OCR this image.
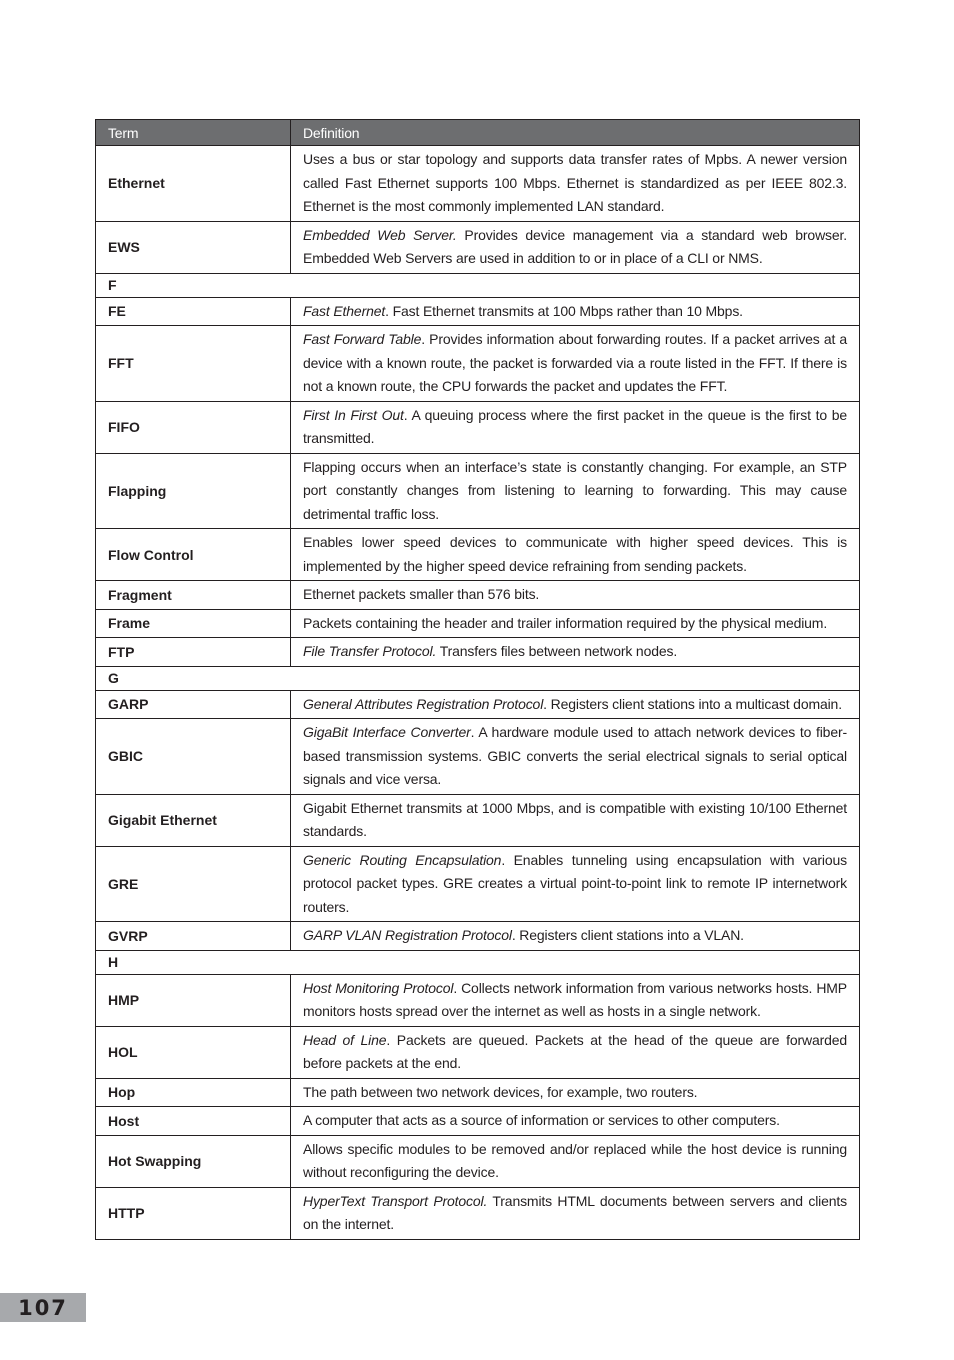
Term	Definition
Ethernet	Uses a bus or star topology and supports data transfer rates of Mpbs. A newer version called Fast Ethernet supports 100 Mbps. Ethernet is standardized as per IEEE 802.3. Ethernet is the most commonly implemented LAN standard.
EWS	Embedded Web Server. Provides device management via a standard web browser. Embedded Web Servers are used in addition to or in place of a CLI or NMS.
F	
FE	Fast Ethernet. Fast Ethernet transmits at 100 Mbps rather than 10 Mbps.
FFT	Fast Forward Table. Provides information about forwarding routes. If a packet arrives at a device with a known route, the packet is forwarded via a route listed in the FFT. If there is not a known route, the CPU forwards the packet and updates the FFT.
FIFO	First In First Out. A queuing process where the first packet in the queue is the first to be transmitted.
Flapping	Flapping occurs when an interface’s state is constantly changing. For example, an STP port constantly changes from listening to learning to forwarding. This may cause detrimental traffic loss.
Flow Control	Enables lower speed devices to communicate with higher speed devices. This is implemented by the higher speed device refraining from sending packets.
Fragment	Ethernet packets smaller than 576 bits.
Frame	Packets containing the header and trailer information required by the physical medium.
FTP	File Transfer Protocol. Transfers files between network nodes.
G	
GARP	General Attributes Registration Protocol. Registers client stations into a multicast domain.
GBIC	GigaBit Interface Converter. A hardware module used to attach network devices to fiber-based transmission systems. GBIC converts the serial electrical signals to serial optical signals and vice versa.
Gigabit Ethernet	Gigabit Ethernet transmits at 1000 Mbps, and is compatible with existing 10/100 Ethernet standards.
GRE	Generic Routing Encapsulation. Enables tunneling using encapsulation with various protocol packet types. GRE creates a virtual point-to-point link to remote IP internetwork routers.
GVRP	GARP VLAN Registration Protocol. Registers client stations into a VLAN.
H	
HMP	Host Monitoring Protocol. Collects network information from various networks hosts. HMP monitors hosts spread over the internet as well as hosts in a single network.
HOL	Head of Line. Packets are queued. Packets at the head of the queue are forwarded before packets at the end.
Hop	The path between two network devices, for example, two routers.
Host	A computer that acts as a source of information or services to other computers.
Hot Swapping	Allows specific modules to be removed and/or replaced while the host device is running without reconfiguring the device.
HTTP	HyperText Transport Protocol. Transmits HTML documents between servers and clients on the internet.
107
